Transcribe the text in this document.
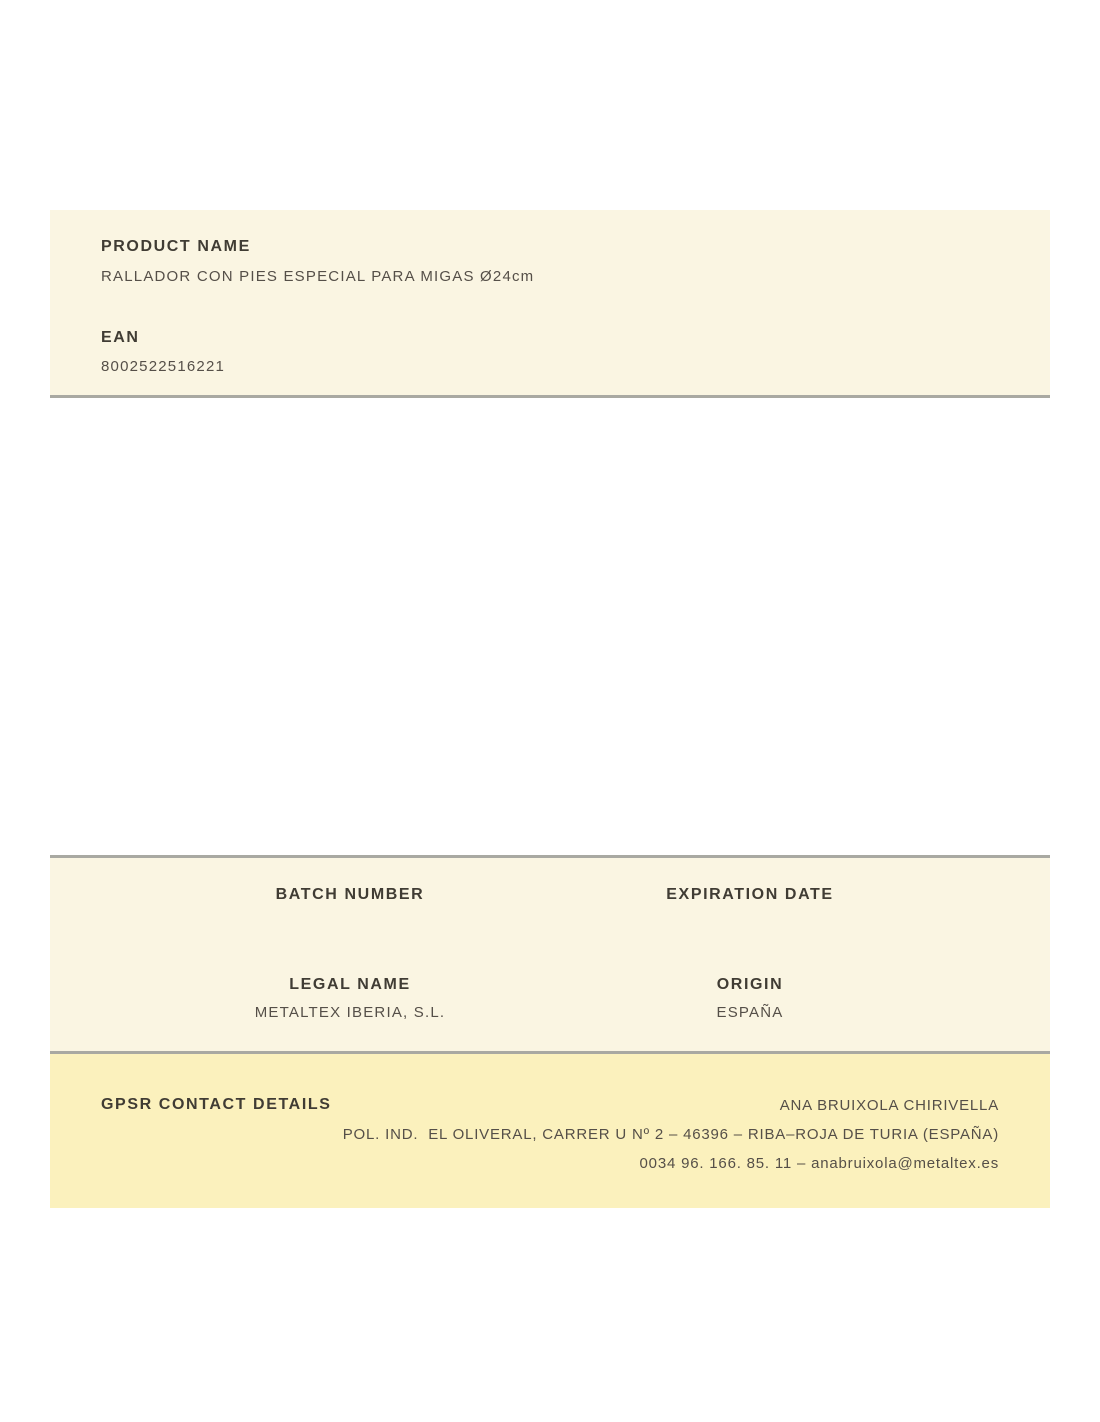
PRODUCT NAME
RALLADOR CON PIES ESPECIAL PARA MIGAS Ø24cm
EAN
8002522516221
BATCH NUMBER	EXPIRATION DATE
LEGAL NAME	ORIGIN
METALTEX IBERIA, S.L.	ESPAÑA
GPSR CONTACT DETAILS	ANA BRUIXOLA CHIRIVELLA
POL. IND.  EL OLIVERAL, CARRER U Nº 2 – 46396 – RIBA–ROJA DE TURIA (ESPAÑA)
0034 96. 166. 85. 11 – anabruixola@metaltex.es
